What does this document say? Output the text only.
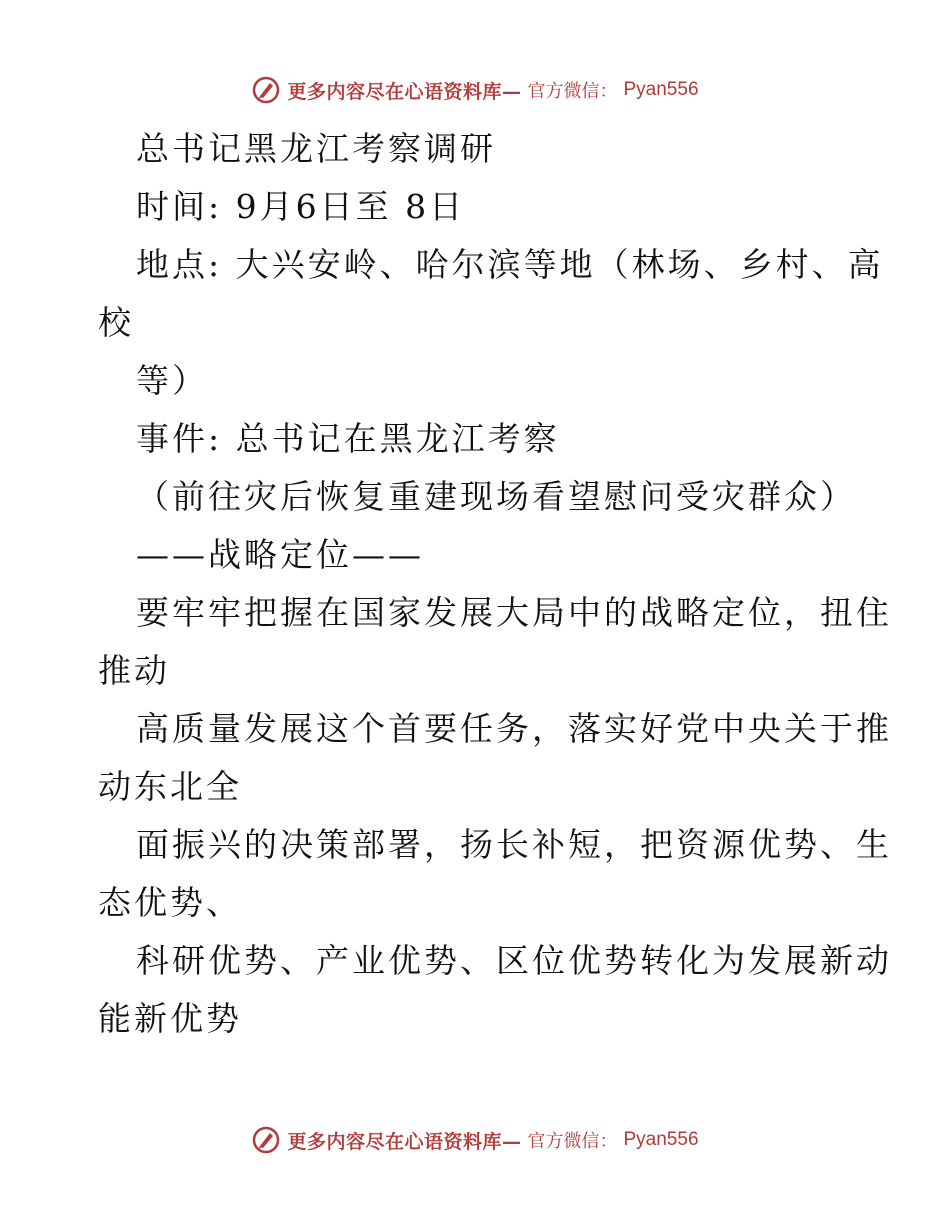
更多内容尽在心语资料库— 官方微信： Pyan556
总书记黑龙江考察调研
时间: 9月6日至 8日
地点: 大兴安岭、哈尔滨等地（林场、乡村、高
校
等）
事件: 总书记在黑龙江考察
（前往灾后恢复重建现场看望慰问受灾群众）
——战略定位——
要牢牢把握在国家发展大局中的战略定位，扭住
推动
高质量发展这个首要任务，落实好党中央关于推
动东北全
面振兴的决策部署，扬长补短，把资源优势、生
态优势、
科研优势、产业优势、区位优势转化为发展新动
能新优势
更多内容尽在心语资料库— 官方微信： Pyan556
